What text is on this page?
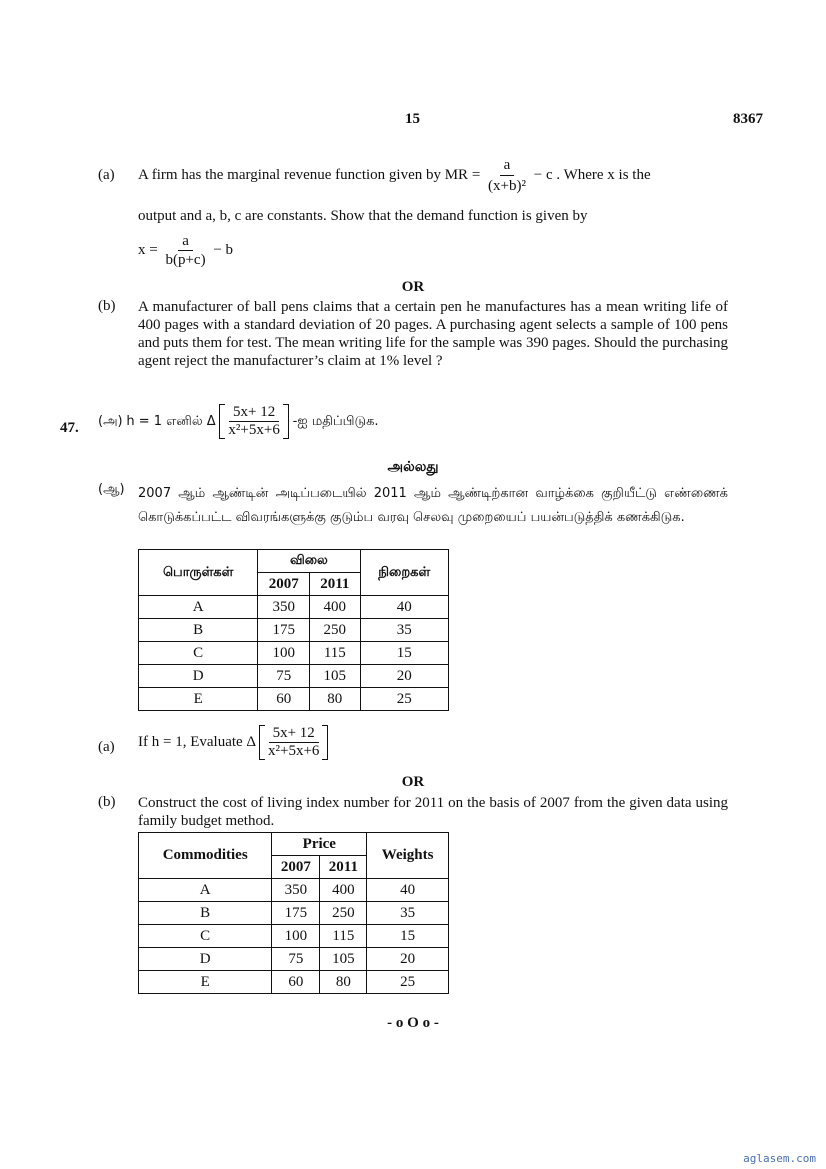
15	8367
(a) A firm has the marginal revenue function given by MR = $\frac{a}{\text{(x+b)²}} - c$ . Where x is the
output and a, b, c are constants. Show that the demand function is given by
$x = \frac{a}{b(p+c)} - b$
OR
(b) A manufacturer of ball pens claims that a certain pen he manufactures has a mean writing life of 400 pages with a standard deviation of 20 pages. A purchasing agent selects a sample of 100 pens and puts them for test. The mean writing life for the sample was 390 pages. Should the purchasing agent reject the manufacturer’s claim at 1% level ?
47. (அ) h = 1 எனில் Δ $\frac{5x+ 12}{\text{x²+5x+6}}$ -ஐ மதிப்பிடுக.
அல்லது
(ஆ) 2007 ஆம் ஆண்டின் அடிப்படையில் 2011 ஆம் ஆண்டிற்கான வாழ்க்கை குறியீட்டு எண்ணைக் கொடுக்கப்பட்ட விவரங்களுக்கு குடும்ப வரவு செலவு முறையைப் பயன்படுத்திக் கணக்கிடுக.
பொருள்கள்	விலை		நிறைகள்
	2007	2011	
A	350	400	40
B	175	250	35
C	100	115	15
D	75	105	20
E	60	80	25
(a) If h = 1, Evaluate Δ $\frac{5x+ 12}{\text{x²+5x+6}}$
OR
(b) Construct the cost of living index number for 2011 on the basis of 2007 from the given data using family budget method.
Commodities	Price		Weights
	2007	2011	
A	350	400	40
B	175	250	35
C	100	115	15
D	75	105	20
E	60	80	25
- o O o -
aglasem.com
